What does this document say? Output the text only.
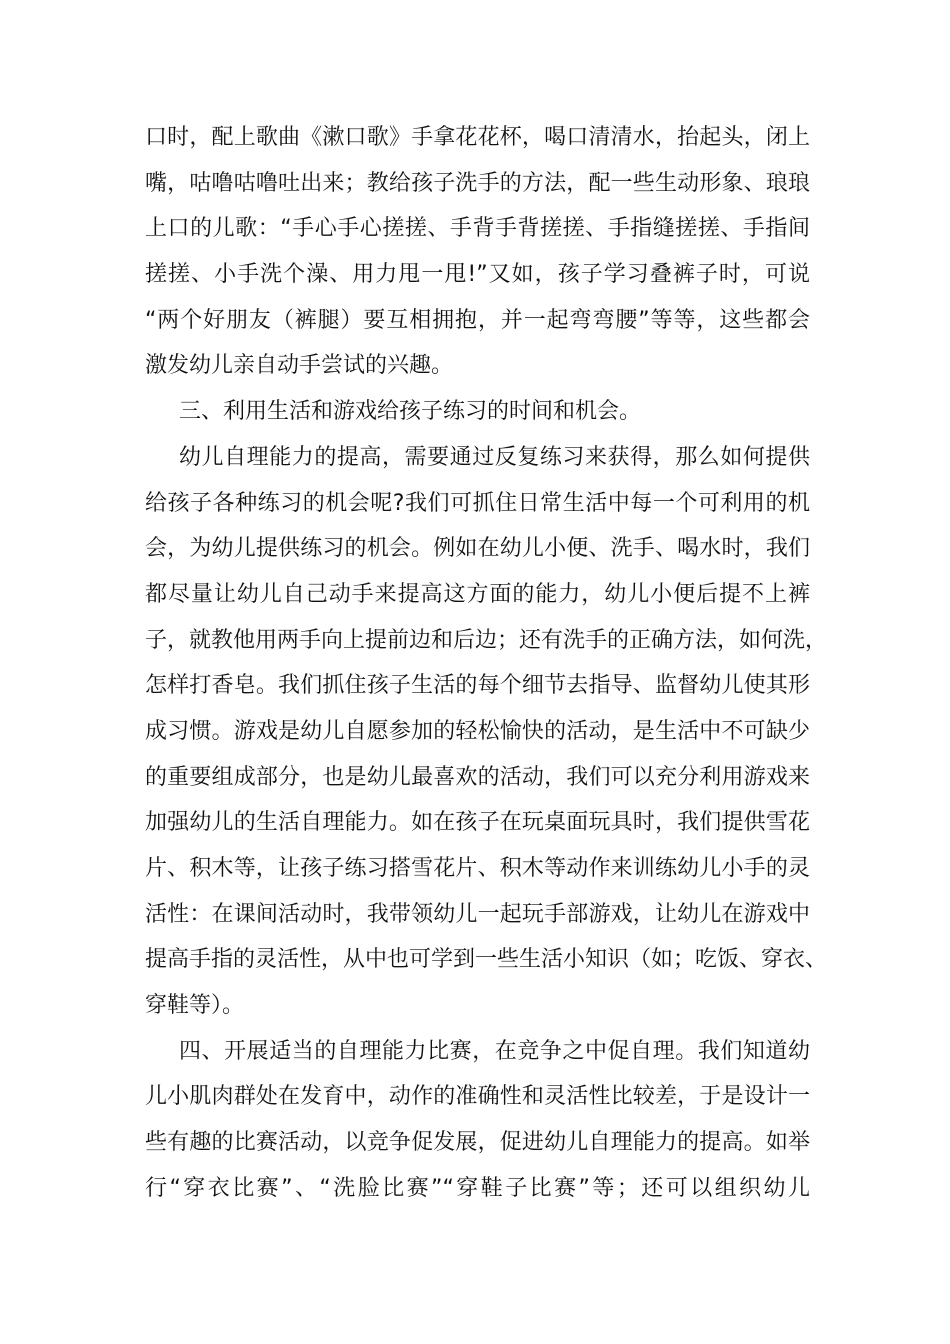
口时，配上歌曲《漱口歌》手拿花花杯，喝口清清水，抬起头，闭上
嘴，咕噜咕噜吐出来；教给孩子洗手的方法，配一些生动形象、琅琅
上口的儿歌：“手心手心搓搓、手背手背搓搓、手指缝搓搓、手指间
搓搓、小手洗个澡、用力甩一甩!”又如，孩子学习叠裤子时，可说
“两个好朋友（裤腿）要互相拥抱，并一起弯弯腰”等等，这些都会
激发幼儿亲自动手尝试的兴趣。
三、利用生活和游戏给孩子练习的时间和机会。
幼儿自理能力的提高，需要通过反复练习来获得，那么如何提供
给孩子各种练习的机会呢?我们可抓住日常生活中每一个可利用的机
会，为幼儿提供练习的机会。例如在幼儿小便、洗手、喝水时，我们
都尽量让幼儿自己动手来提高这方面的能力，幼儿小便后提不上裤
子，就教他用两手向上提前边和后边；还有洗手的正确方法，如何洗，
怎样打香皂。我们抓住孩子生活的每个细节去指导、监督幼儿使其形
成习惯。游戏是幼儿自愿参加的轻松愉快的活动，是生活中不可缺少
的重要组成部分，也是幼儿最喜欢的活动，我们可以充分利用游戏来
加强幼儿的生活自理能力。如在孩子在玩桌面玩具时，我们提供雪花
片、积木等，让孩子练习搭雪花片、积木等动作来训练幼儿小手的灵
活性：在课间活动时，我带领幼儿一起玩手部游戏，让幼儿在游戏中
提高手指的灵活性，从中也可学到一些生活小知识（如；吃饭、穿衣、
穿鞋等）。
四、开展适当的自理能力比赛，在竞争之中促自理。我们知道幼
儿小肌肉群处在发育中，动作的准确性和灵活性比较差，于是设计一
些有趣的比赛活动，以竞争促发展，促进幼儿自理能力的提高。如举
行“穿衣比赛”、“洗脸比赛”“穿鞋子比赛”等；还可以组织幼儿
